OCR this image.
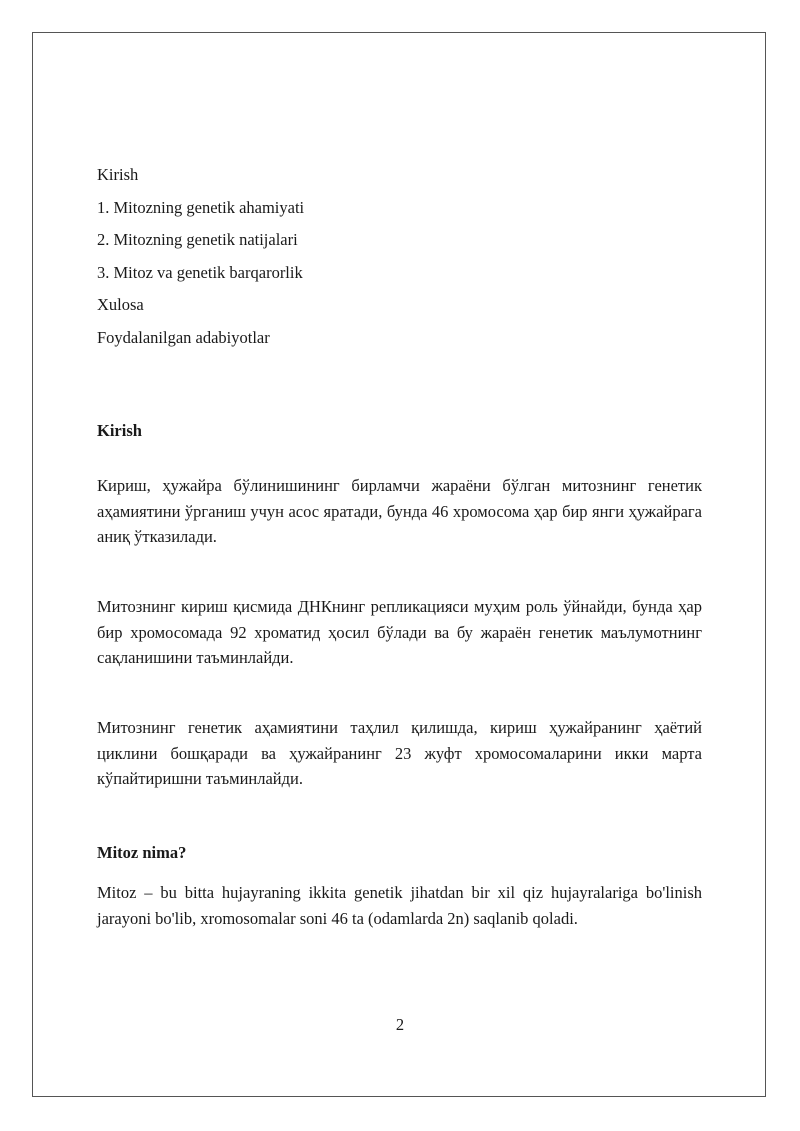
Kirish
1. Mitozning genetik ahamiyati
2. Mitozning genetik natijalari
3. Mitoz va genetik barqarorlik
Xulosa
Foydalanilgan adabiyotlar
Kirish

Кириш, ҳужайра бўлинишининг бирламчи жараёни бўлган митознинг генетик аҳамиятини ўрганиш учун асос яратади, бунда 46 хромосома ҳар бир янги ҳужайрага аниқ ўтказилади.

Митознинг кириш қисмида ДНКнинг репликацияси муҳим роль ўйнайди, бунда ҳар бир хромосомада 92 хроматид ҳосил бўлади ва бу жараён генетик маълумотнинг сақланишини таъминлайди.

Митознинг генетик аҳамиятини таҳлил қилишда, кириш ҳужайранинг ҳаётий циклини бошқаради ва ҳужайранинг 23 жуфт хромосомаларини икки марта кўпайтиришни таъминлайди.

Mitoz nima?

Mitoz – bu bitta hujayraning ikkita genetik jihatdan bir xil qiz hujayralariga bo'linish jarayoni bo'lib, xromosomalar soni 46 ta (odamlarda 2n) saqlanib qoladi.

2
